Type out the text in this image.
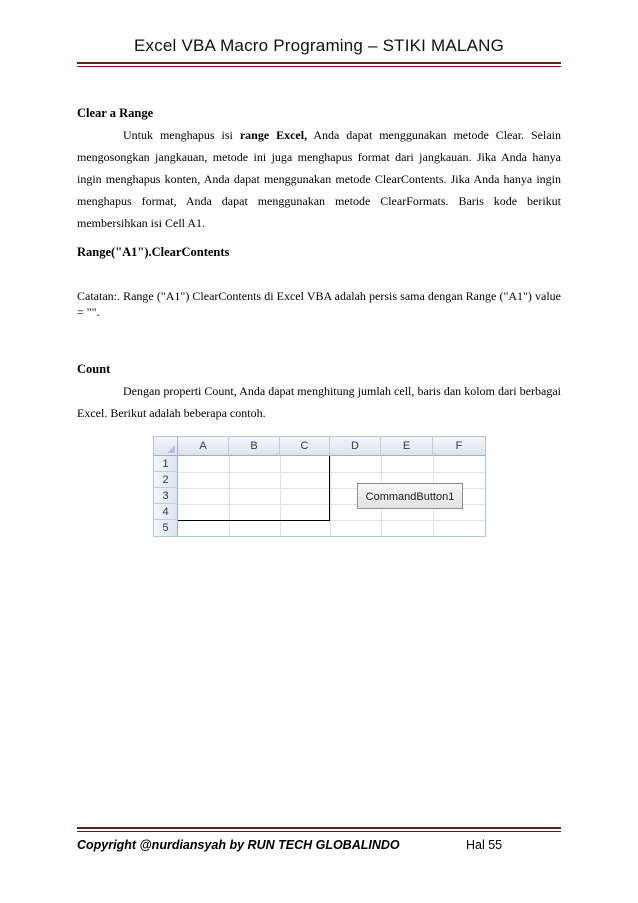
Excel VBA Macro Programing – STIKI MALANG
Clear a Range
Untuk menghapus isi range Excel, Anda dapat menggunakan metode Clear. Selain mengosongkan jangkauan, metode ini juga menghapus format dari jangkauan. Jika Anda hanya ingin menghapus konten, Anda dapat menggunakan metode ClearContents. Jika Anda hanya ingin menghapus format, Anda dapat menggunakan metode ClearFormats. Baris kode berikut membersihkan isi Cell A1.
Range("A1").ClearContents
Catatan:. Range ("A1") ClearContents di Excel VBA adalah persis sama dengan Range ("A1") value = "".
Count
Dengan properti Count, Anda dapat menghitung jumlah cell, baris dan kolom dari berbagai Excel. Berikut adalah beberapa contoh.
A	B	C	D	E	F
1
2
3
4
5
CommandButton1
Copyright @nurdiansyah by RUN TECH GLOBALINDO	Hal 55
